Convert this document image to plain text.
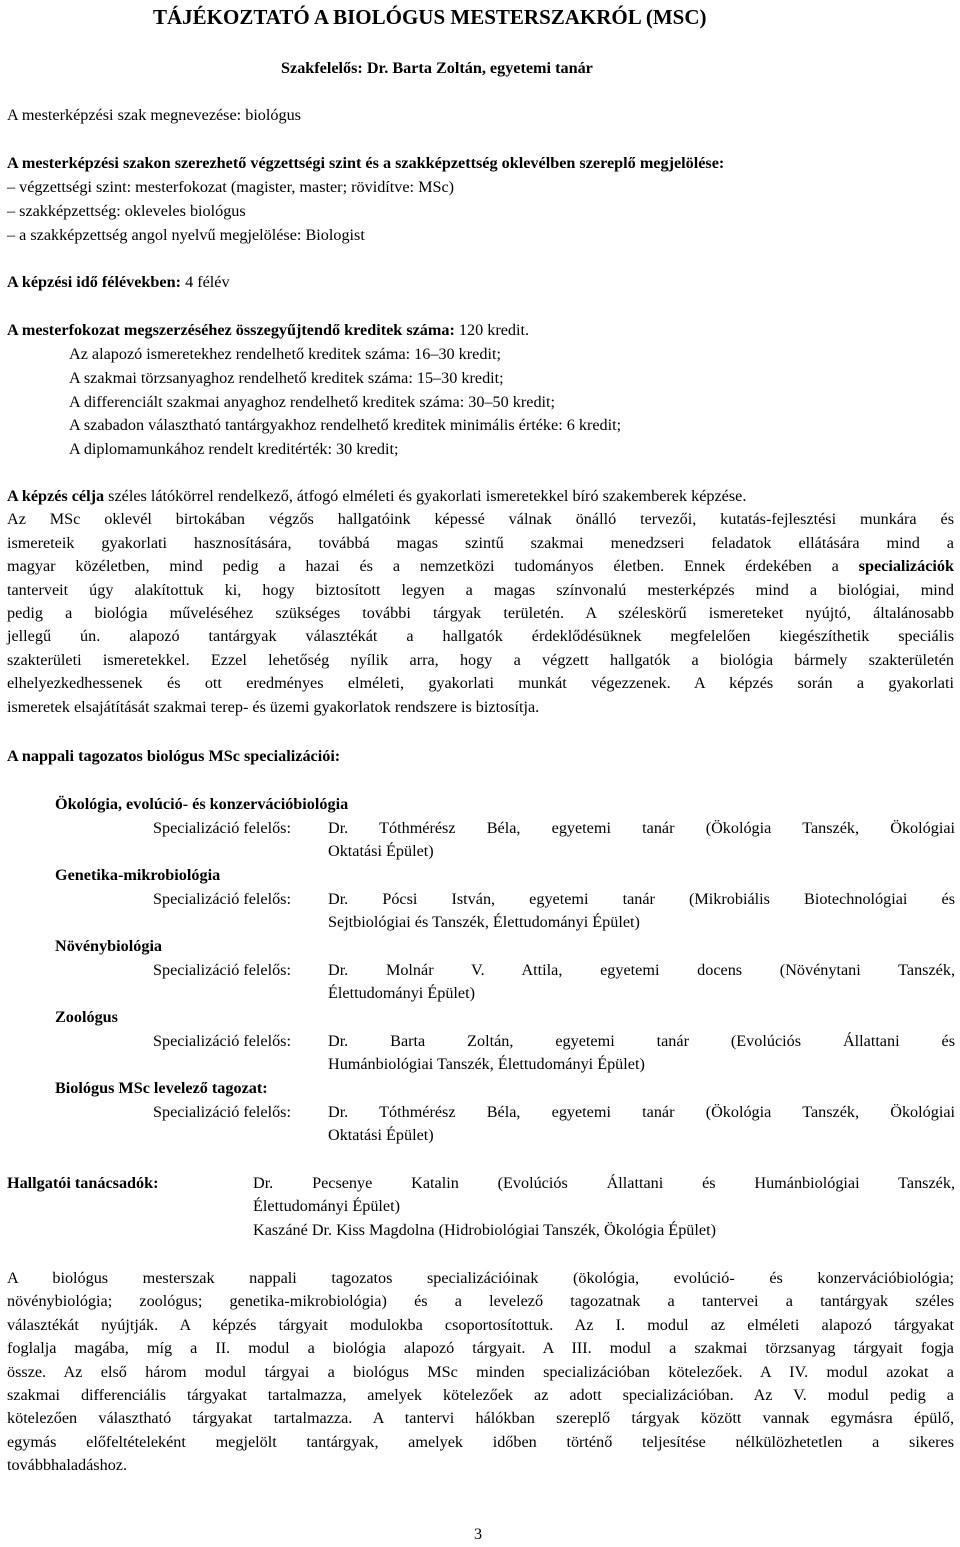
TÁJÉKOZTATÓ A BIOLÓGUS MESTERSZAKRÓL (MSC)
Szakfelelős: Dr. Barta Zoltán, egyetemi tanár
A mesterképzési szak megnevezése: biológus
A mesterképzési szakon szerezhető végzettségi szint és a szakképzettség oklevélben szereplő megjelölése:
– végzettségi szint: mesterfokozat (magister, master; rövidítve: MSc)
– szakképzettség: okleveles biológus
– a szakképzettség angol nyelvű megjelölése: Biologist
A képzési idő félévekben: 4 félév
A mesterfokozat megszerzéséhez összegyűjtendő kreditek száma: 120 kredit.
Az alapozó ismeretekhez rendelhető kreditek száma: 16–30 kredit;
A szakmai törzsanyaghoz rendelhető kreditek száma: 15–30 kredit;
A differenciált szakmai anyaghoz rendelhető kreditek száma: 30–50 kredit;
A szabadon választható tantárgyakhoz rendelhető kreditek minimális értéke: 6 kredit;
A diplomamunkához rendelt kreditérték: 30 kredit;

A képzés célja széles látókörrel rendelkező, átfogó elméleti és gyakorlati ismeretekkel bíró szakemberek képzése.

Az MSc oklevél birtokában végzős hallgatóink képessé válnak önálló tervezői, kutatás-fejlesztési munkára és

ismereteik gyakorlati hasznosítására, továbbá magas szintű szakmai menedzseri feladatok ellátására mind a

magyar közéletben, mind pedig a hazai és a nemzetközi tudományos életben. Ennek érdekében a specializációk

tanterveit úgy alakítottuk ki, hogy biztosított legyen a magas színvonalú mesterképzés mind a biológiai, mind

pedig a biológia műveléséhez szükséges további tárgyak területén. A széleskörű ismereteket nyújtó, általánosabb

jellegű ún. alapozó tantárgyak választékát a hallgatók érdeklődésüknek megfelelően kiegészíthetik speciális

szakterületi ismeretekkel. Ezzel lehetőség nyílik arra, hogy a végzett hallgatók a biológia bármely szakterületén

elhelyezkedhessenek és ott eredményes elméleti, gyakorlati munkát végezzenek. A képzés során a gyakorlati

ismeretek elsajátítását szakmai terep- és üzemi gyakorlatok rendszere is biztosítja.

A nappali tagozatos biológus MSc specializációi:
Ökológia, evolúció- és konzervációbiológia
Specializáció felelős: Dr. Tóthmérész Béla, egyetemi tanár (Ökológia Tanszék, Ökológiai
Oktatási Épület)
Genetika-mikrobiológia
Specializáció felelős: Dr. Pócsi István, egyetemi tanár (Mikrobiális Biotechnológiai és
Sejtbiológiai és Tanszék, Élettudományi Épület)
Növénybiológia
Specializáció felelős: Dr. Molnár V. Attila, egyetemi docens (Növénytani Tanszék,
Élettudományi Épület)
Zoológus
Specializáció felelős: Dr. Barta Zoltán, egyetemi tanár (Evolúciós Állattani és
Humánbiológiai Tanszék, Élettudományi Épület)
Biológus MSc levelező tagozat:
Specializáció felelős: Dr. Tóthmérész Béla, egyetemi tanár (Ökológia Tanszék, Ökológiai
Oktatási Épület)
Hallgatói tanácsadók:	Dr. Pecsenye Katalin (Evolúciós Állattani és Humánbiológiai Tanszék,
Élettudományi Épület)
Kaszáné Dr. Kiss Magdolna (Hidrobiológiai Tanszék, Ökológia Épület)

A biológus mesterszak nappali tagozatos specializációinak (ökológia, evolúció- és konzervációbiológia;

növénybiológia; zoológus; genetika-mikrobiológia) és a levelező tagozatnak a tantervei a tantárgyak széles

választékát nyújtják. A képzés tárgyait modulokba csoportosítottuk. Az I. modul az elméleti alapozó tárgyakat

foglalja magába, míg a II. modul a biológia alapozó tárgyait. A III. modul a szakmai törzsanyag tárgyait fogja

össze. Az első három modul tárgyai a biológus MSc minden specializációban kötelezőek. A IV. modul azokat a

szakmai differenciális tárgyakat tartalmazza, amelyek kötelezőek az adott specializációban. Az V. modul pedig a

kötelezően választható tárgyakat tartalmazza. A tantervi hálókban szereplő tárgyak között vannak egymásra épülő,

egymás előfeltételeként megjelölt tantárgyak, amelyek időben történő teljesítése nélkülözhetetlen a sikeres

továbbhaladáshoz.

3
